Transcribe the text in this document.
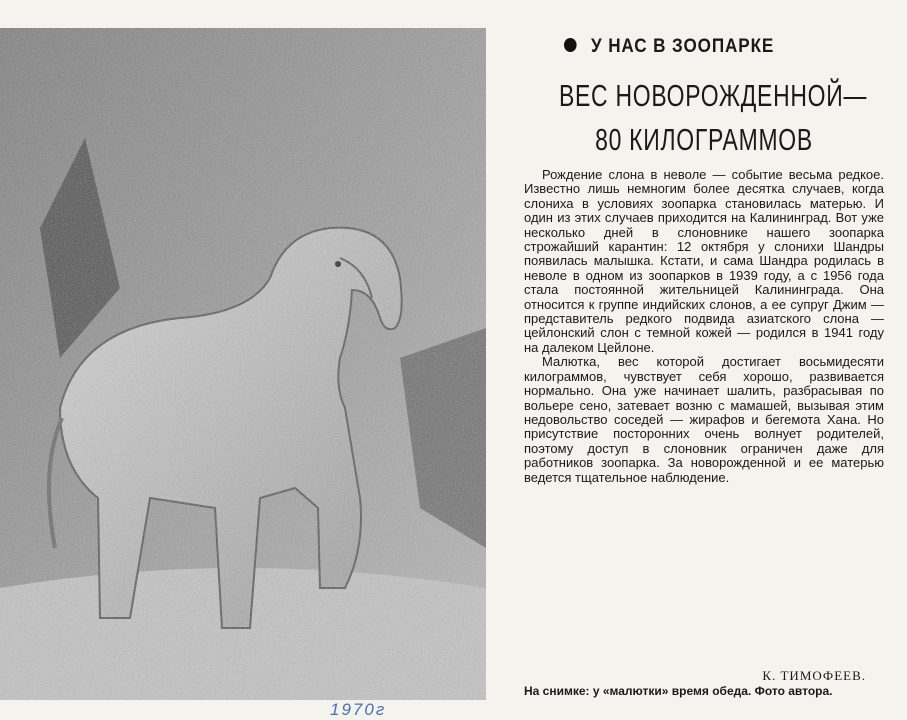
У НАС В ЗООПАРКЕ
ВЕС НОВОРОЖДЕННОЙ—
80 КИЛОГРАММОВ

Рождение слона в неволе — событие весьма редкое. Известно лишь немногим более десятка случаев, когда слониха в условиях зоопарка становилась матерью. И один из этих случаев приходится на Калининград. Вот уже несколько дней в слоновнике нашего зоопарка строжайший карантин: 12 октября у слонихи Шандры появилась малышка. Кстати, и сама Шандра родилась в неволе в одном из зоопарков в 1939 году, а с 1956 года стала постоянной жительницей Калининграда. Она относится к группе индийских слонов, а ее супруг Джим — представитель редкого подвида азиатского слона — цейлонский слон с темной кожей — родился в 1941 году на далеком Цейлоне.

Малютка, вес которой достигает восьмидесяти килограммов, чувствует себя хорошо, развивается нормально. Она уже начинает шалить, разбрасывая по вольере сено, затевает возню с мамашей, вызывая этим недовольство соседей — жирафов и бегемота Хана. Но присутствие посторонних очень волнует родителей, поэтому доступ в слоновник ограничен даже для работников зоопарка. За новорожденной и ее матерью ведется тщательное наблюдение.

К. ТИМОФЕЕВ.
На снимке: у «малютки» время обеда. Фото автора.
1970г
